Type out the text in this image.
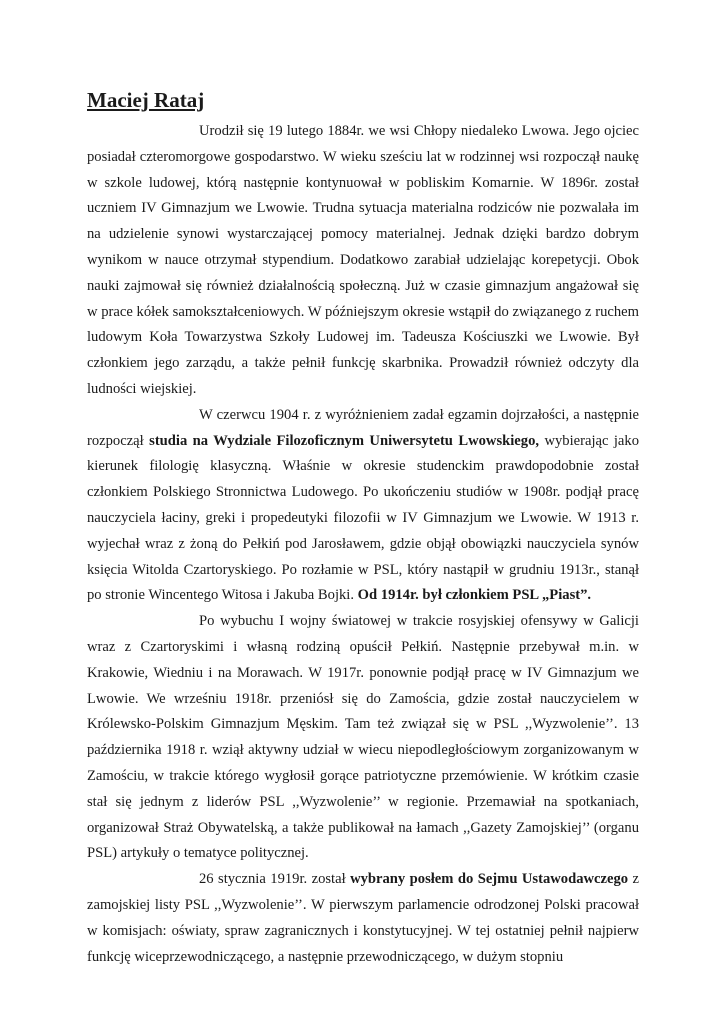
Maciej Rataj

Urodził się 19 lutego 1884r. we wsi Chłopy niedaleko Lwowa. Jego ojciec posiadał czteromorgowe gospodarstwo. W wieku sześciu lat w rodzinnej wsi rozpoczął naukę w szkole ludowej, którą następnie kontynuował w pobliskim Komarnie. W 1896r. został uczniem IV Gimnazjum we Lwowie. Trudna sytuacja materialna rodziców nie pozwalała im na udzielenie synowi wystarczającej pomocy materialnej. Jednak dzięki bardzo dobrym wynikom w nauce otrzymał stypendium. Dodatkowo zarabiał udzielając korepetycji. Obok nauki zajmował się również działalnością społeczną. Już w czasie gimnazjum angażował się w prace kółek samokształceniowych. W późniejszym okresie wstąpił do związanego z ruchem ludowym Koła Towarzystwa Szkoły Ludowej im. Tadeusza Kościuszki we Lwowie. Był członkiem jego zarządu, a także pełnił funkcję skarbnika. Prowadził również odczyty dla ludności wiejskiej.

W czerwcu 1904 r. z wyróżnieniem zadał egzamin dojrzałości, a następnie rozpoczął studia na Wydziale Filozoficznym Uniwersytetu Lwowskiego, wybierając jako kierunek filologię klasyczną. Właśnie w okresie studenckim prawdopodobnie został członkiem Polskiego Stronnictwa Ludowego. Po ukończeniu studiów w 1908r. podjął pracę nauczyciela łaciny, greki i propedeutyki filozofii w IV Gimnazjum we Lwowie. W 1913 r. wyjechał wraz z żoną do Pełkiń pod Jarosławem, gdzie objął obowiązki nauczyciela synów księcia Witolda Czartoryskiego. Po rozłamie w PSL, który nastąpił w grudniu 1913r., stanął po stronie Wincentego Witosa i Jakuba Bojki. Od 1914r. był członkiem PSL „Piast”.

Po wybuchu I wojny światowej w trakcie rosyjskiej ofensywy w Galicji wraz z Czartoryskimi i własną rodziną opuścił Pełkiń. Następnie przebywał m.in. w Krakowie, Wiedniu i na Morawach. W 1917r. ponownie podjął pracę w IV Gimnazjum we Lwowie. We wrześniu 1918r. przeniósł się do Zamościa, gdzie został nauczycielem w Królewsko-Polskim Gimnazjum Męskim. Tam też związał się w PSL ,,Wyzwolenie’’. 13 października 1918 r. wziął aktywny udział w wiecu niepodległościowym zorganizowanym w Zamościu, w trakcie którego wygłosił gorące patriotyczne przemówienie. W krótkim czasie stał się jednym z liderów PSL ,,Wyzwolenie’’ w regionie. Przemawiał na spotkaniach, organizował Straż Obywatelską, a także publikował na łamach ,,Gazety Zamojskiej’’ (organu PSL) artykuły o tematyce politycznej.

26 stycznia 1919r. został wybrany posłem do Sejmu Ustawodawczego z zamojskiej listy PSL ,,Wyzwolenie’’. W pierwszym parlamencie odrodzonej Polski pracował w komisjach: oświaty, spraw zagranicznych i konstytucyjnej. W tej ostatniej pełnił najpierw funkcję wiceprzewodniczącego, a następnie przewodniczącego, w dużym stopniu
